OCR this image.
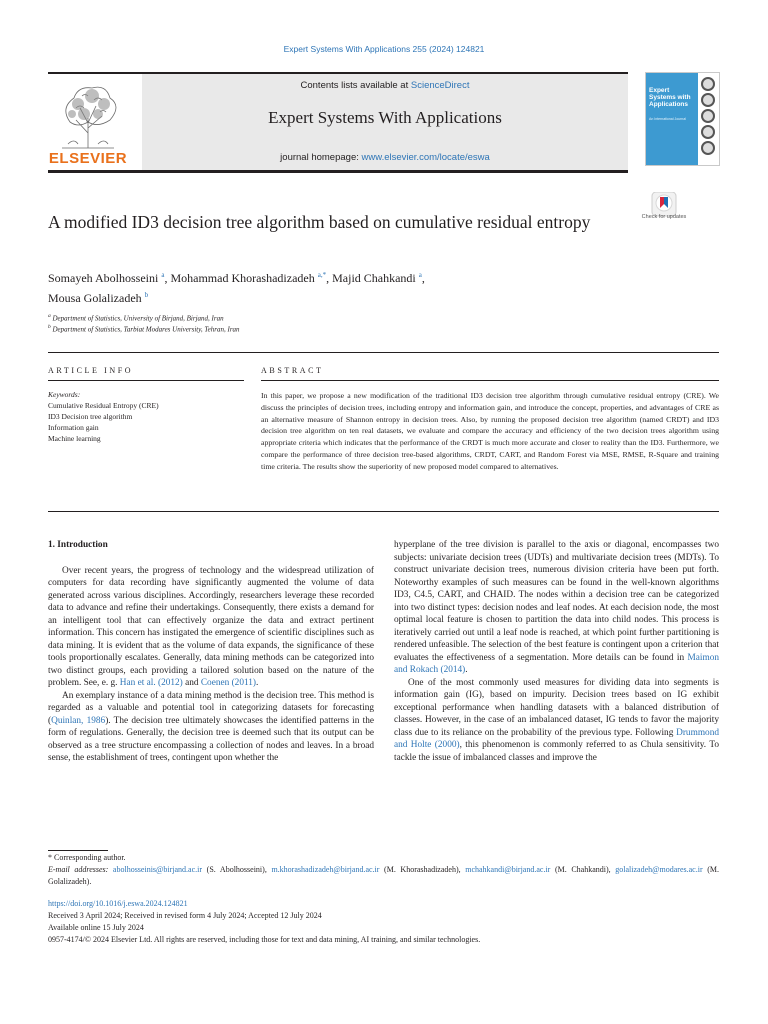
Expert Systems With Applications 255 (2024) 124821
ELSEVIER
Contents lists available at ScienceDirect
Expert Systems With Applications
journal homepage: www.elsevier.com/locate/eswa
Expert Systems with Applications
An International Journal
Check for updates
A modified ID3 decision tree algorithm based on cumulative residual entropy
Somayeh Abolhosseini $^a$, Mohammad Khorashadizadeh $^{a,*}$, Majid Chahkandi $^a$,
Mousa Golalizadeh $^b$
$^a$ Department of Statistics, University of Birjand, Birjand, Iran
$^b$ Department of Statistics, Tarbiat Modares University, Tehran, Iran
ARTICLE INFO	ABSTRACT
Keywords:
Cumulative Residual Entropy (CRE)
ID3 Decision tree algorithm
Information gain
Machine learning
In this paper, we propose a new modification of the traditional ID3 decision tree algorithm through cumulative residual entropy (CRE). We discuss the principles of decision trees, including entropy and information gain, and introduce the concept, properties, and advantages of CRE as an alternative measure of Shannon entropy in decision trees. Also, by running the proposed decision tree algorithm (named CRDT) and ID3 decision tree algorithm on ten real datasets, we evaluate and compare the accuracy and efficiency of the two decision trees algorithm using appropriate criteria which indicates that the performance of the CRDT is much more accurate and closer to reality than the ID3. Furthermore, we compare the performance of three decision tree-based algorithms, CRDT, CART, and Random Forest via MSE, RMSE, R-Square and training time criteria. The results show the superiority of new proposed model compared to alternatives.
1. Introduction

Over recent years, the progress of technology and the widespread utilization of computers for data recording have significantly augmented the volume of data generated across various disciplines. Accordingly, researchers leverage these recorded data to advance and refine their undertakings. Consequently, there exists a demand for an intelligent tool that can effectively organize the data and extract pertinent information. This concern has instigated the emergence of scientific disciplines such as data mining. It is evident that as the volume of data expands, the significance of these tools proportionally escalates. Generally, data mining methods can be categorized into two distinct groups, each providing a tailored solution based on the nature of the problem. See, e. g. Han et al. (2012) and Coenen (2011).

An exemplary instance of a data mining method is the decision tree. This method is regarded as a valuable and potential tool in categorizing datasets for forecasting (Quinlan, 1986). The decision tree ultimately showcases the identified patterns in the form of regulations. Generally, the decision tree is deemed such that its output can be observed as a tree structure encompassing a collection of nodes and leaves. In a broad sense, the establishment of trees, contingent upon whether the

hyperplane of the tree division is parallel to the axis or diagonal, encompasses two subjects: univariate decision trees (UDTs) and multivariate decision trees (MDTs). To construct univariate decision trees, numerous division criteria have been put forth. Noteworthy examples of such measures can be found in the well-known algorithms ID3, C4.5, CART, and CHAID. The nodes within a decision tree can be categorized into two distinct types: decision nodes and leaf nodes. At each decision node, the most optimal local feature is chosen to partition the data into child nodes. This process is iteratively carried out until a leaf node is reached, at which point further partitioning is rendered unfeasible. The selection of the best feature is contingent upon a criterion that evaluates the effectiveness of a segmentation. More details can be found in Maimon and Rokach (2014).

One of the most commonly used measures for dividing data into segments is information gain (IG), based on impurity. Decision trees based on IG exhibit exceptional performance when handling datasets with a balanced distribution of classes. However, in the case of an imbalanced dataset, IG tends to favor the majority class due to its reliance on the probability of the previous type. Following Drummond and Holte (2000), this phenomenon is commonly referred to as Chula sensitivity. To tackle the issue of imbalanced classes and improve the

* Corresponding author.
E-mail addresses: abolhosseinis@birjand.ac.ir (S. Abolhosseini), m.khorashadizadeh@birjand.ac.ir (M. Khorashadizadeh), mchahkandi@birjand.ac.ir (M. Chahkandi), golalizadeh@modares.ac.ir (M. Golalizadeh).
https://doi.org/10.1016/j.eswa.2024.124821
Received 3 April 2024; Received in revised form 4 July 2024; Accepted 12 July 2024
Available online 15 July 2024
0957-4174/© 2024 Elsevier Ltd. All rights are reserved, including those for text and data mining, AI training, and similar technologies.
